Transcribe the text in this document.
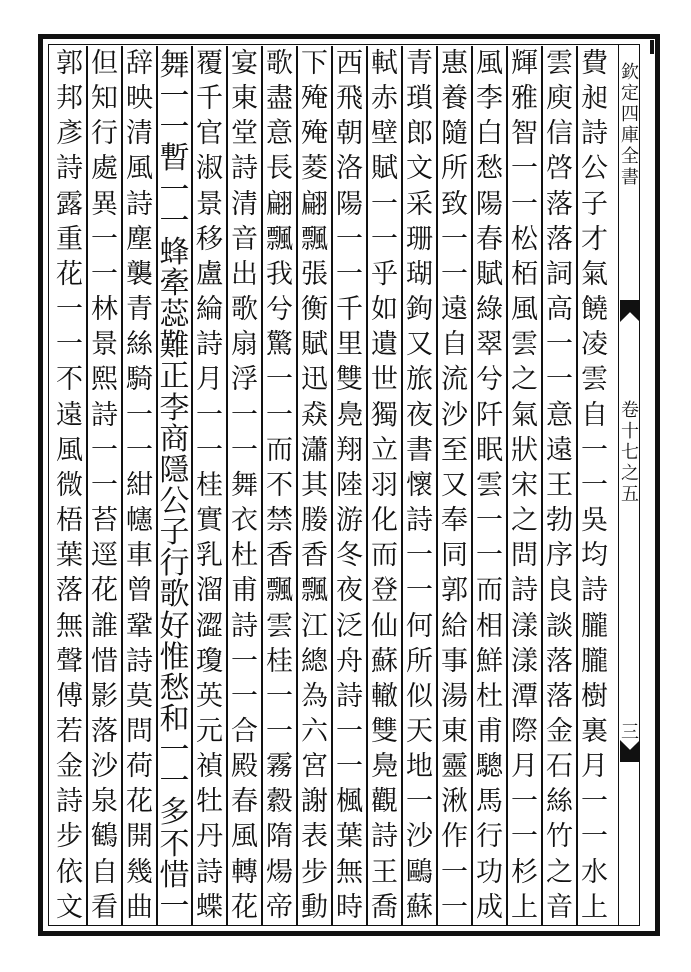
欽
定
四
庫
全
書
卷
十
七
之
五
三
費
昶
詩
公
子
才
氣
饒
凌
雲
自
一
一
吳
均
詩
朧
朧
樹
裏
月
一
一
水
上
雲
庾
信
啓
落
落
詞
高
一
一
意
遠
王
勃
序
良
談
落
落
金
石
絲
竹
之
音
輝
雅
智
一
一
松
栢
風
雲
之
氣
狀
宋
之
問
詩
漾
漾
潭
際
月
一
一
杉
上
風
李
白
愁
陽
春
賦
綠
翠
兮
阡
眠
雲
一
一
而
相
鮮
杜
甫
驄
馬
行
功
成
惠
養
隨
所
致
一
一
遠
自
流
沙
至
又
奉
同
郭
給
事
湯
東
靈
湫
作
一
一
青
瑣
郎
文
采
珊
瑚
鉤
又
旅
夜
書
懷
詩
一
一
何
所
似
天
地
一
沙
鷗
蘇
軾
赤
壁
賦
一
一
乎
如
遺
世
獨
立
羽
化
而
登
仙
蘇
轍
雙
鳧
觀
詩
王
喬
西
飛
朝
洛
陽
一
一
千
里
雙
鳧
翔
陸
游
冬
夜
泛
舟
詩
一
一
楓
葉
無
時
下
殗
殗
菱
翩
飄
張
衡
賦
迅
猋
瀟
其
媵
香
飄
江
總
為
六
宮
謝
表
步
動
歌
盡
意
長
翩
飄
我
兮
驚
一
一
而
不
禁
香
飄
雲
桂
一
一
霧
縠
隋
煬
帝
宴
東
堂
詩
清
音
出
歌
扇
浮
一
一
舞
衣
杜
甫
詩
一
一
合
殿
春
風
轉
花
覆
千
官
淑
景
移
盧
綸
詩
月
一
一
桂
實
乳
溜
澀
瓊
英
元
禎
牡
丹
詩
蝶
舞
一
一
暫
一
一
蜂
牽
蕊
難
正
李
商
隱
公
子
行
歌
好
惟
愁
和
一
一
多
不
惜
一
辞
映
清
風
詩
塵
襲
青
絲
騎
一
一
紺
幰
車
曾
鞏
詩
莫
問
荷
花
開
幾
曲
但
知
行
處
異
一
一
林
景
熙
詩
一
一
苔
逕
花
誰
惜
影
落
沙
泉
鶴
自
看
郭
邦
彥
詩
露
重
花
一
一
不
遠
風
微
梧
葉
落
無
聲
傅
若
金
詩
步
依
文
